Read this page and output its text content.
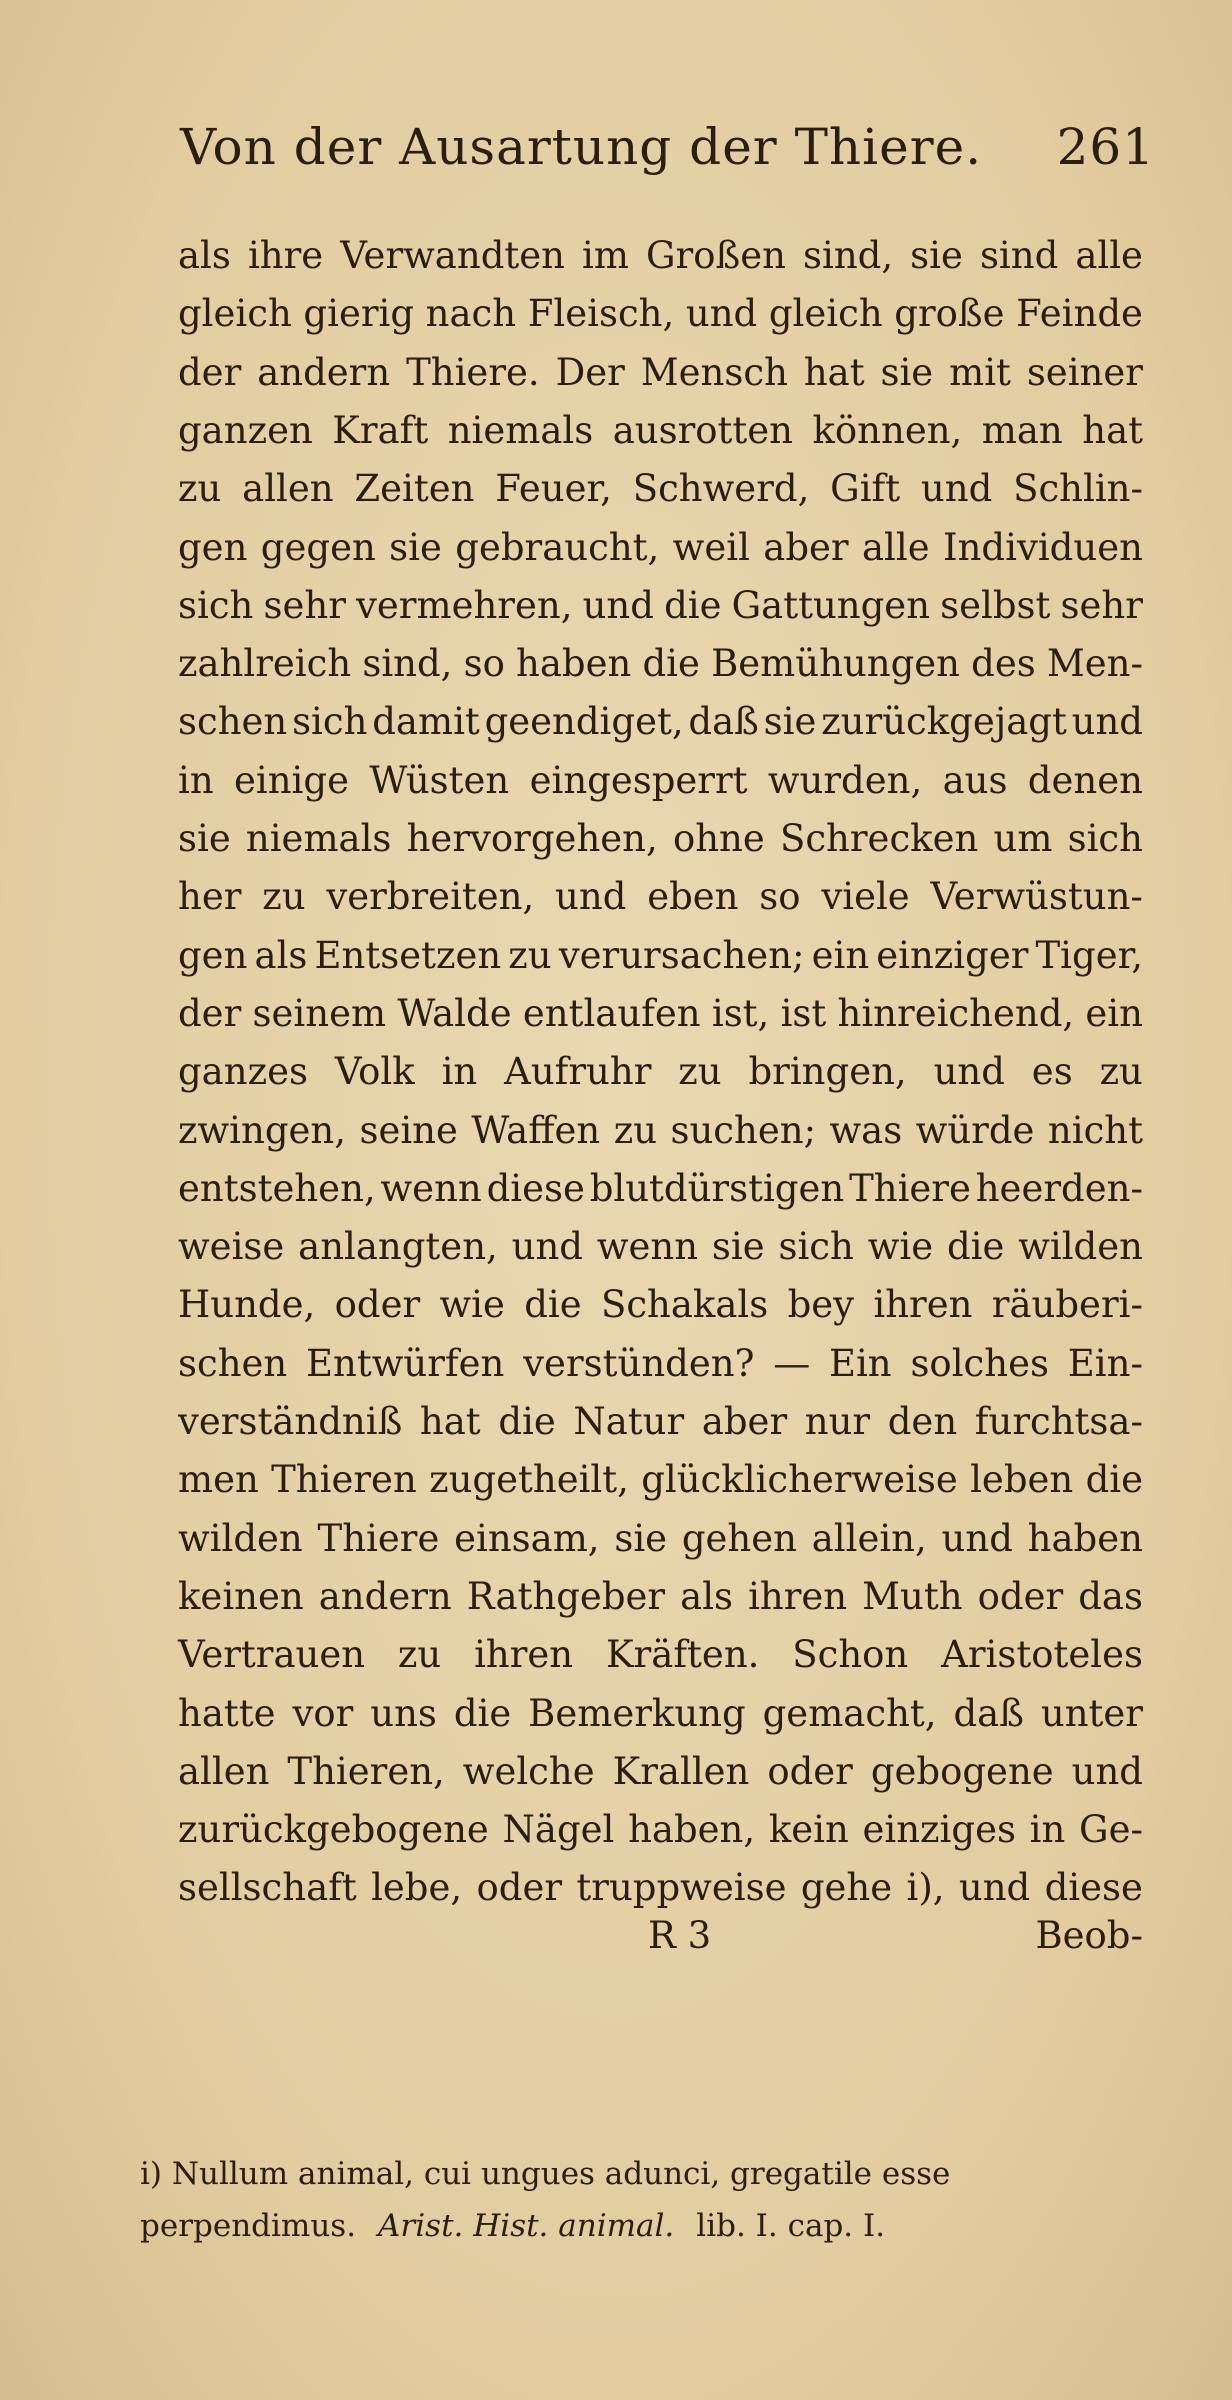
Von der Ausartung der Thiere. 261
als ihre Verwandten im Großen sind, sie sind alle
gleich gierig nach Fleisch, und gleich große Feinde
der andern Thiere. Der Mensch hat sie mit seiner
ganzen Kraft niemals ausrotten können, man hat
zu allen Zeiten Feuer, Schwerd, Gift und Schlin-
gen gegen sie gebraucht, weil aber alle Individuen
sich sehr vermehren, und die Gattungen selbst sehr
zahlreich sind, so haben die Bemühungen des Men-
schen sich damit geendiget, daß sie zurückgejagt und
in einige Wüsten eingesperrt wurden, aus denen
sie niemals hervorgehen, ohne Schrecken um sich
her zu verbreiten, und eben so viele Verwüstun-
gen als Entsetzen zu verursachen; ein einziger Tiger,
der seinem Walde entlaufen ist, ist hinreichend, ein
ganzes Volk in Aufruhr zu bringen, und es zu
zwingen, seine Waffen zu suchen; was würde nicht
entstehen, wenn diese blutdürstigen Thiere heerden-
weise anlangten, und wenn sie sich wie die wilden
Hunde, oder wie die Schakals bey ihren räuberi-
schen Entwürfen verstünden? — Ein solches Ein-
verständniß hat die Natur aber nur den furchtsa-
men Thieren zugetheilt, glücklicherweise leben die
wilden Thiere einsam, sie gehen allein, und haben
keinen andern Rathgeber als ihren Muth oder das
Vertrauen zu ihren Kräften. Schon Aristoteles
hatte vor uns die Bemerkung gemacht, daß unter
allen Thieren, welche Krallen oder gebogene und
zurückgebogene Nägel haben, kein einziges in Ge-
sellschaft lebe, oder truppweise gehe i), und diese
R 3	Beob-
i) Nullum animal, cui ungues adunci, gregatile esse
perpendimus. Arist. Hist. animal. lib. I. cap. I.
